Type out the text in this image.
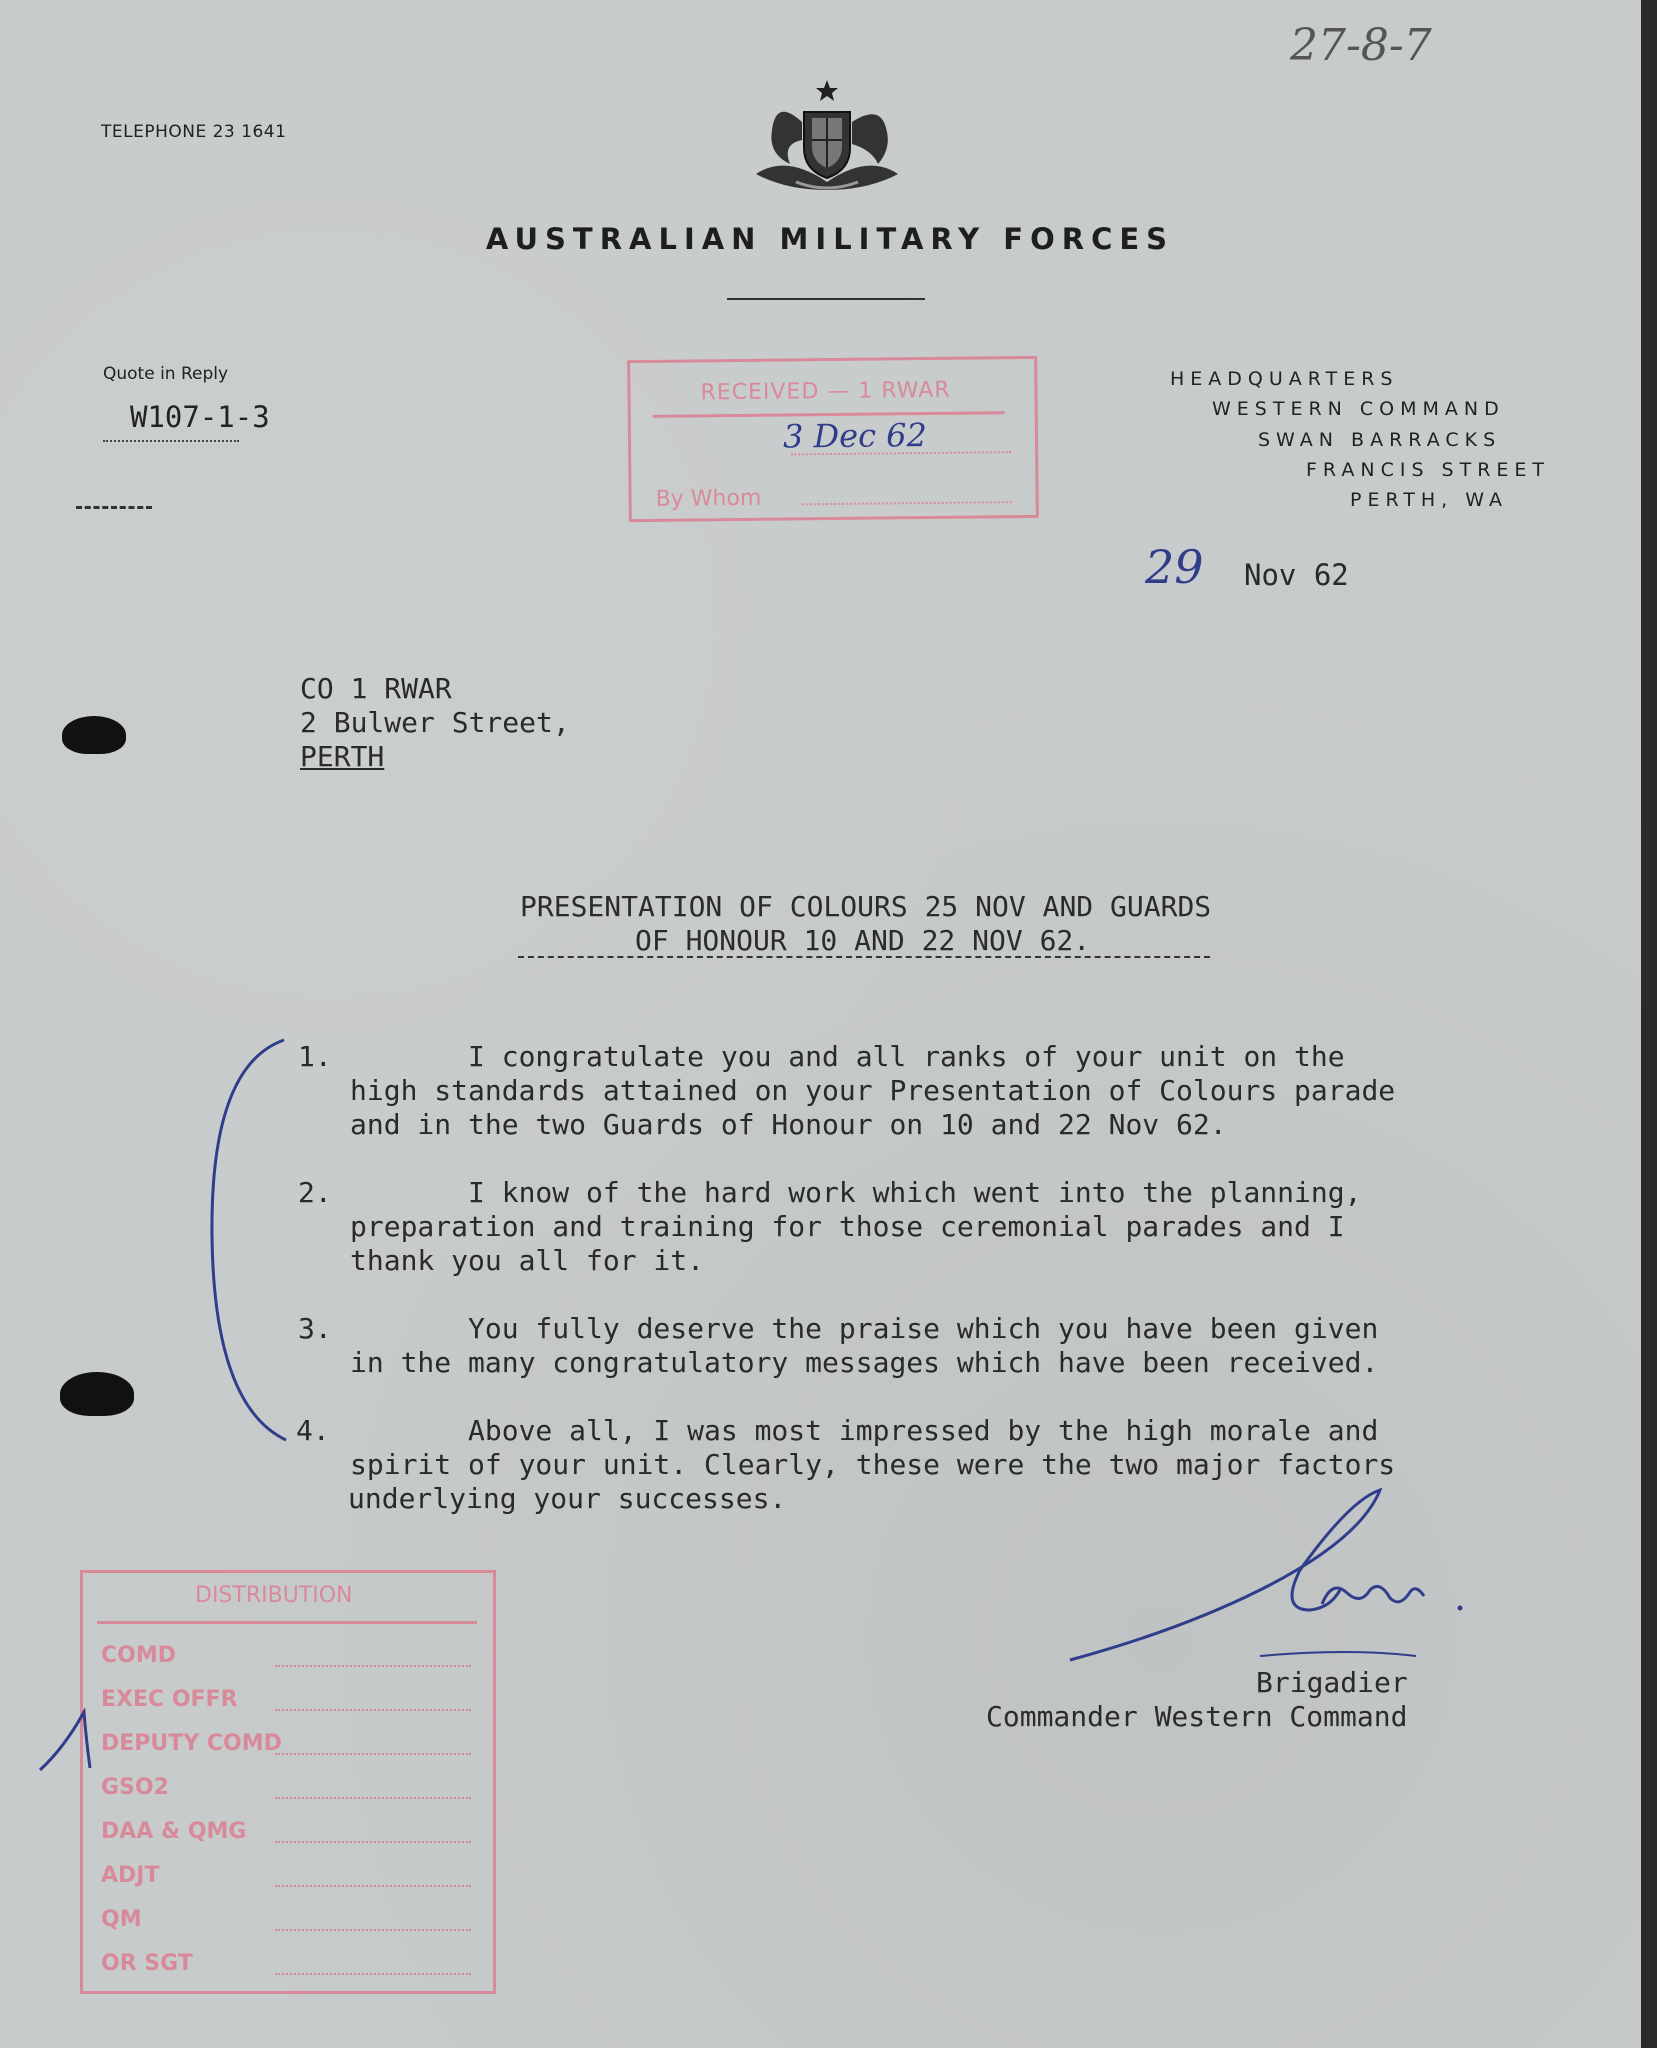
TELEPHONE 23 1641
27-8-7
AUSTRALIAN MILITARY FORCES
Quote in Reply
W107-1-3
RECEIVED — 1 RWAR
3 Dec 62
By Whom
HEADQUARTERS
WESTERN COMMAND
SWAN BARRACKS
FRANCIS STREET
PERTH, WA
29 Nov 62
CO 1 RWAR
2 Bulwer Street,
PERTH
PRESENTATION OF COLOURS 25 NOV AND GUARDS
OF HONOUR 10 AND 22 NOV 62.
1.	I congratulate you and all ranks of your unit on the
high standards attained on your Presentation of Colours parade
and in the two Guards of Honour on 10 and 22 Nov 62.
2.	I know of the hard work which went into the planning,
preparation and training for those ceremonial parades and I
thank you all for it.
3.	You fully deserve the praise which you have been given
in the many congratulatory messages which have been received.
4.	Above all, I was most impressed by the high morale and
spirit of your unit. Clearly, these were the two major factors
underlying your successes.
Brigadier
Commander Western Command
DISTRIBUTION
COMD
EXEC OFFR
DEPUTY COMD
GSO2
DAA & QMG
ADJT
QM
OR SGT
